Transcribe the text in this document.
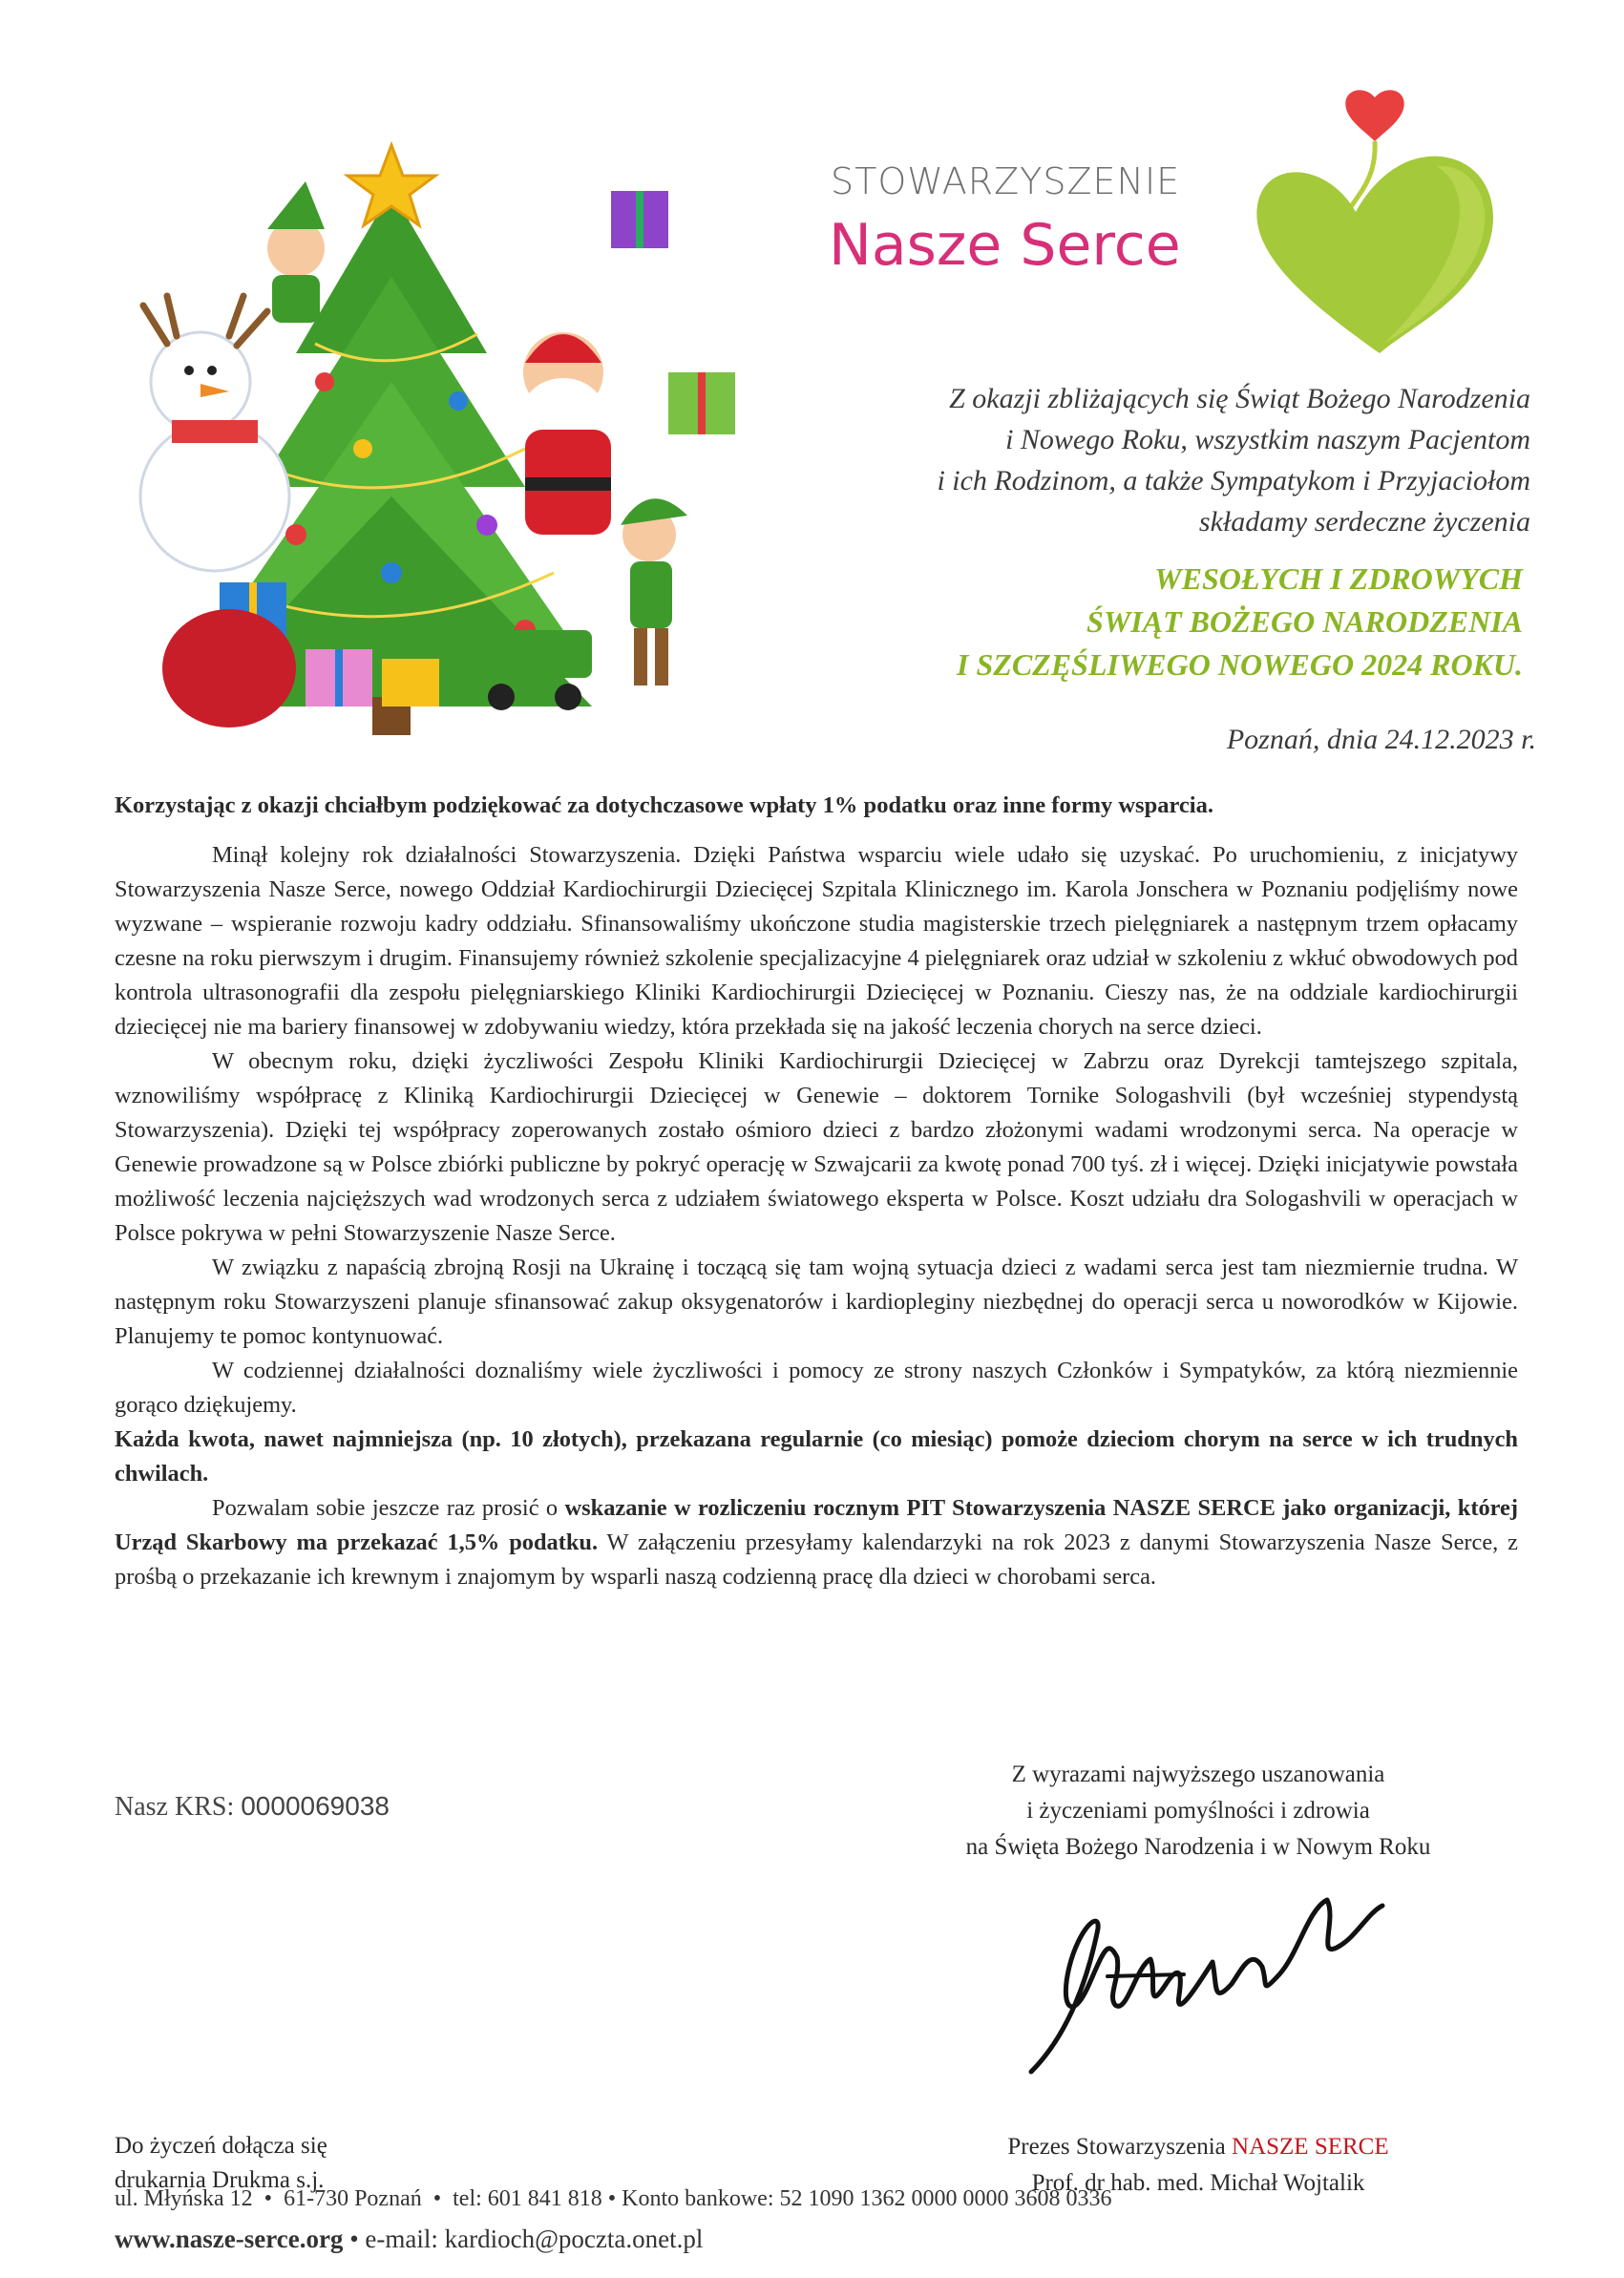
STOWARZYSZENIE
Nasze Serce
Z okazji zbliżających się Świąt Bożego Narodzenia
i Nowego Roku, wszystkim naszym Pacjentom
i ich Rodzinom, a także Sympatykom i Przyjaciołom
składamy serdeczne życzenia
WESOŁYCH I ZDROWYCH
ŚWIĄT BOŻEGO NARODZENIA
I SZCZĘŚLIWEGO NOWEGO 2024 ROKU.
Poznań, dnia 24.12.2023 r.
Korzystając z okazji chciałbym podziękować za dotychczasowe wpłaty 1% podatku oraz inne formy wsparcia.

Minął kolejny rok działalności Stowarzyszenia. Dzięki Państwa wsparciu wiele udało się uzyskać. Po uruchomieniu, z inicjatywy Stowarzyszenia Nasze Serce, nowego Oddział Kardiochirurgii Dziecięcej Szpitala Klinicznego im. Karola Jonschera w Poznaniu podjęliśmy nowe wyzwane – wspieranie rozwoju kadry oddziału. Sfinansowaliśmy ukończone studia magisterskie trzech pielęgniarek a następnym trzem opłacamy czesne na roku pierwszym i drugim. Finansujemy również szkolenie specjalizacyjne 4 pielęgniarek oraz udział w szkoleniu z wkłuć obwodowych pod kontrola ultrasonografii dla zespołu pielęgniarskiego Kliniki Kardiochirurgii Dziecięcej w Poznaniu. Cieszy nas, że na oddziale kardiochirurgii dziecięcej nie ma bariery finansowej w zdobywaniu wiedzy, która przekłada się na jakość leczenia chorych na serce dzieci.

W obecnym roku, dzięki życzliwości Zespołu Kliniki Kardiochirurgii Dziecięcej w Zabrzu oraz Dyrekcji tamtejszego szpitala, wznowiliśmy współpracę z Kliniką Kardiochirurgii Dziecięcej w Genewie – doktorem Tornike Sologashvili (był wcześniej stypendystą Stowarzyszenia). Dzięki tej współpracy zoperowanych zostało ośmioro dzieci z bardzo złożonymi wadami wrodzonymi serca. Na operacje w Genewie prowadzone są w Polsce zbiórki publiczne by pokryć operację w Szwajcarii za kwotę ponad 700 tyś. zł i więcej. Dzięki inicjatywie powstała możliwość leczenia najcięższych wad wrodzonych serca z udziałem światowego eksperta w Polsce. Koszt udziału dra Sologashvili w operacjach w Polsce pokrywa w pełni Stowarzyszenie Nasze Serce.

W związku z napaścią zbrojną Rosji na Ukrainę i toczącą się tam wojną sytuacja dzieci z wadami serca jest tam niezmiernie trudna. W następnym roku Stowarzyszeni planuje sfinansować zakup oksygenatorów i kardiopleginy niezbędnej do operacji serca u noworodków w Kijowie. Planujemy te pomoc kontynuować.

W codziennej działalności doznaliśmy wiele życzliwości i pomocy ze strony naszych Członków i Sympatyków, za którą niezmiennie gorąco dziękujemy.

Każda kwota, nawet najmniejsza (np. 10 złotych), przekazana regularnie (co miesiąc) pomoże dzieciom chorym na serce w ich trudnych chwilach.

Pozwalam sobie jeszcze raz prosić o wskazanie w rozliczeniu rocznym PIT Stowarzyszenia NASZE SERCE jako organizacji, której Urząd Skarbowy ma przekazać 1,5% podatku. W załączeniu przesyłamy kalendarzyki na rok 2023 z danymi Stowarzyszenia Nasze Serce, z prośbą o przekazanie ich krewnym i znajomym by wsparli naszą codzienną pracę dla dzieci w chorobami serca.

Nasz KRS: 0000069038
Z wyrazami najwyższego uszanowania
i życzeniami pomyślności i zdrowia
na Święta Bożego Narodzenia i w Nowym Roku
Prezes Stowarzyszenia NASZE SERCE
Prof. dr hab. med. Michał Wojtalik
Do życzeń dołącza się
drukarnia Drukma s.j.
ul. Młyńska 12  •  61-730 Poznań  •  tel: 601 841 818 • Konto bankowe: 52 1090 1362 0000 0000 3608 0336
www.nasze-serce.org • e-mail: kardioch@poczta.onet.pl
